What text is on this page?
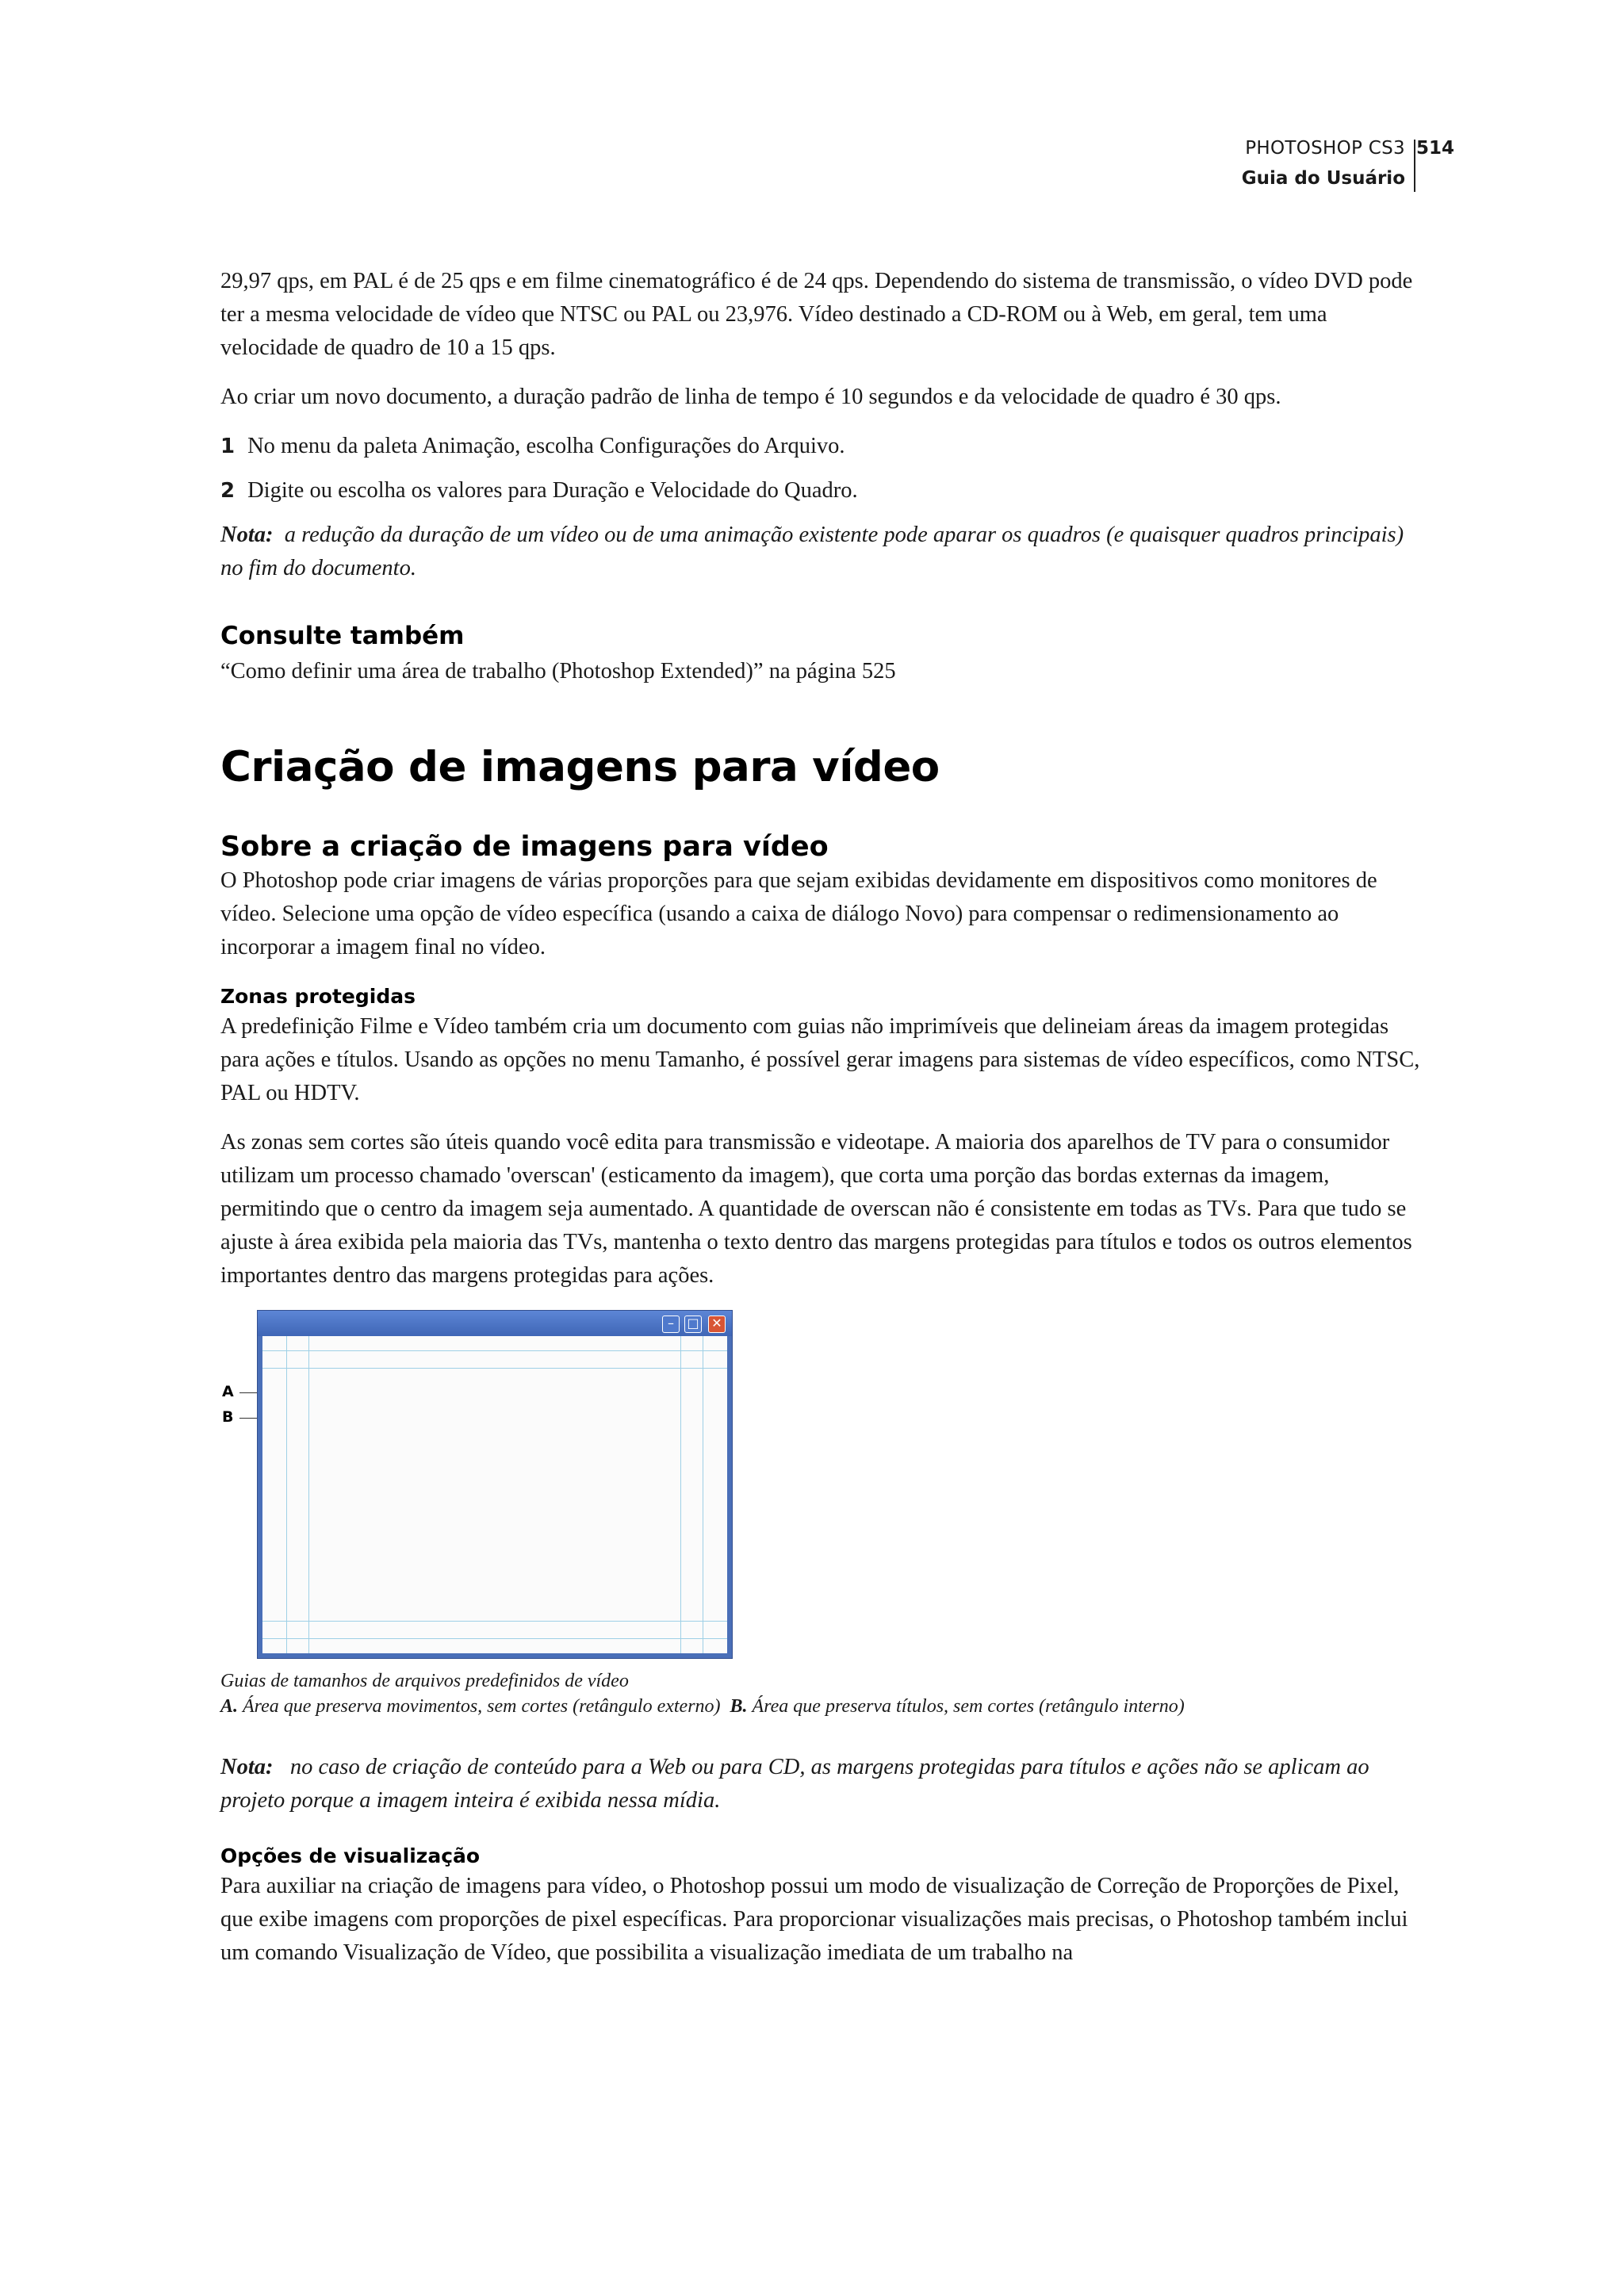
PHOTOSHOP CS3
Guia do Usuário
514

29,97 qps, em PAL é de 25 qps e em filme cinematográfico é de 24 qps. Dependendo do sistema de transmissão, o vídeo DVD pode ter a mesma velocidade de vídeo que NTSC ou PAL ou 23,976. Vídeo destinado a CD-ROM ou à Web, em geral, tem uma velocidade de quadro de 10 a 15 qps.

Ao criar um novo documento, a duração padrão de linha de tempo é 10 segundos e da velocidade de quadro é 30 qps.

1 No menu da paleta Animação, escolha Configurações do Arquivo.
2 Digite ou escolha os valores para Duração e Velocidade do Quadro.

Nota: a redução da duração de um vídeo ou de uma animação existente pode aparar os quadros (e quaisquer quadros principais) no fim do documento.

Consulte também

“Como definir uma área de trabalho (Photoshop Extended)” na página 525

Criação de imagens para vídeo
Sobre a criação de imagens para vídeo

O Photoshop pode criar imagens de várias proporções para que sejam exibidas devidamente em dispositivos como monitores de vídeo. Selecione uma opção de vídeo específica (usando a caixa de diálogo Novo) para compensar o redimensionamento ao incorporar a imagem final no vídeo.

Zonas protegidas

A predefinição Filme e Vídeo também cria um documento com guias não imprimíveis que delineiam áreas da imagem protegidas para ações e títulos. Usando as opções no menu Tamanho, é possível gerar imagens para sistemas de vídeo específicos, como NTSC, PAL ou HDTV.

As zonas sem cortes são úteis quando você edita para transmissão e videotape. A maioria dos aparelhos de TV para o consumidor utilizam um processo chamado 'overscan' (esticamento da imagem), que corta uma porção das bordas externas da imagem, permitindo que o centro da imagem seja aumentado. A quantidade de overscan não é consistente em todas as TVs. Para que tudo se ajuste à área exibida pela maioria das TVs, mantenha o texto dentro das margens protegidas para títulos e todos os outros elementos importantes dentro das margens protegidas para ações.

A
B
–	□ ✕

Guias de tamanhos de arquivos predefinidos de vídeo

A. Área que preserva movimentos, sem cortes (retângulo externo) B. Área que preserva títulos, sem cortes (retângulo interno)

Nota: no caso de criação de conteúdo para a Web ou para CD, as margens protegidas para títulos e ações não se aplicam ao projeto porque a imagem inteira é exibida nessa mídia.

Opções de visualização

Para auxiliar na criação de imagens para vídeo, o Photoshop possui um modo de visualização de Correção de Proporções de Pixel, que exibe imagens com proporções de pixel específicas. Para proporcionar visualizações mais precisas, o Photoshop também inclui um comando Visualização de Vídeo, que possibilita a visualização imediata de um trabalho na
